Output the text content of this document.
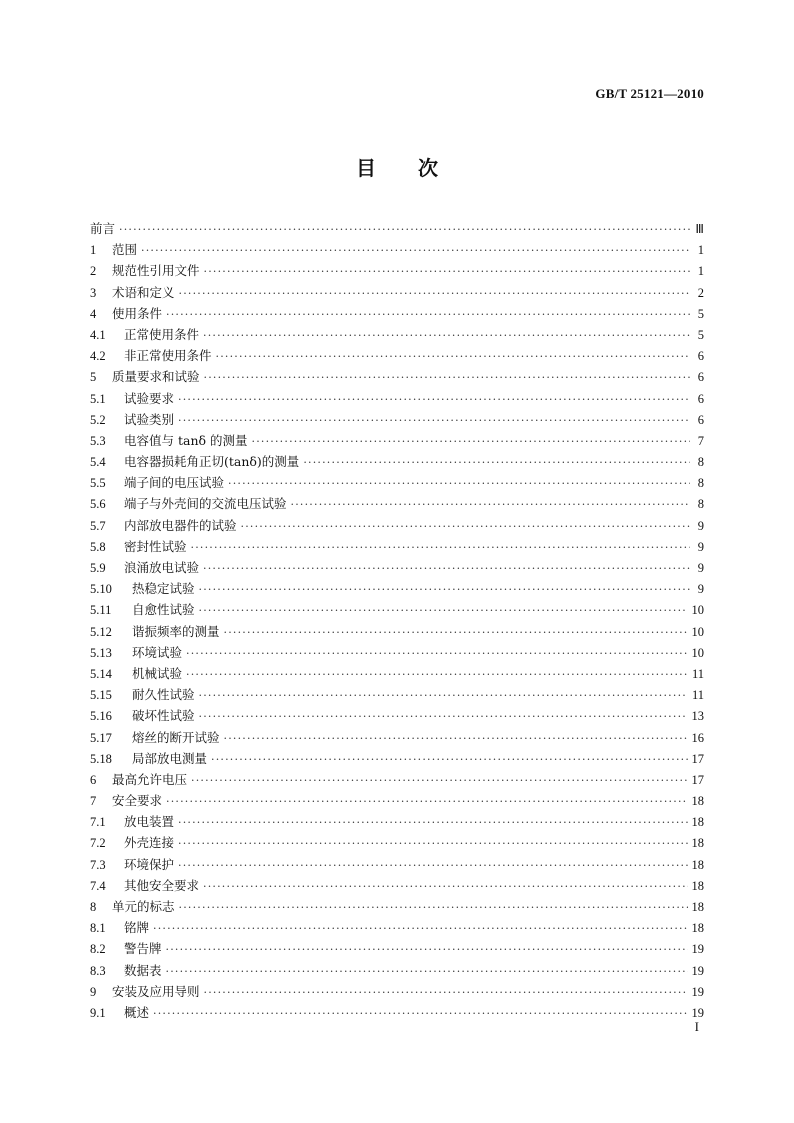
GB/T 25121—2010
目 次
前言 ·····	Ⅲ
1	范围 ·····	1
2	规范性引用文件 ·····	1
3	术语和定义 ·····	2
4	使用条件 ·····	5
4.1	正常使用条件 ·····	5
4.2	非正常使用条件 ·····	6
5	质量要求和试验 ·····	6
5.1	试验要求 ·····	6
5.2	试验类别 ·····	6
5.3	电容值与 tanδ 的测量 ·····	7
5.4	电容器损耗角正切(tanδ)的测量 ·····	8
5.5	端子间的电压试验 ·····	8
5.6	端子与外壳间的交流电压试验 ·····	8
5.7	内部放电器件的试验 ·····	9
5.8	密封性试验 ·····	9
5.9	浪涌放电试验 ·····	9
5.10	热稳定试验 ·····	9
5.11	自愈性试验 ·····	10
5.12	谐振频率的测量 ·····	10
5.13	环境试验 ·····	10
5.14	机械试验 ·····	11
5.15	耐久性试验 ·····	11
5.16	破坏性试验 ·····	13
5.17	熔丝的断开试验 ·····	16
5.18	局部放电测量 ·····	17
6	最高允许电压 ·····	17
7	安全要求 ·····	18
7.1	放电装置 ·····	18
7.2	外壳连接 ·····	18
7.3	环境保护 ·····	18
7.4	其他安全要求 ·····	18
8	单元的标志 ·····	18
8.1	铭牌 ·····	18
8.2	警告牌 ·····	19
8.3	数据表 ·····	19
9	安装及应用导则 ·····	19
9.1	概述 ·····	19
I
